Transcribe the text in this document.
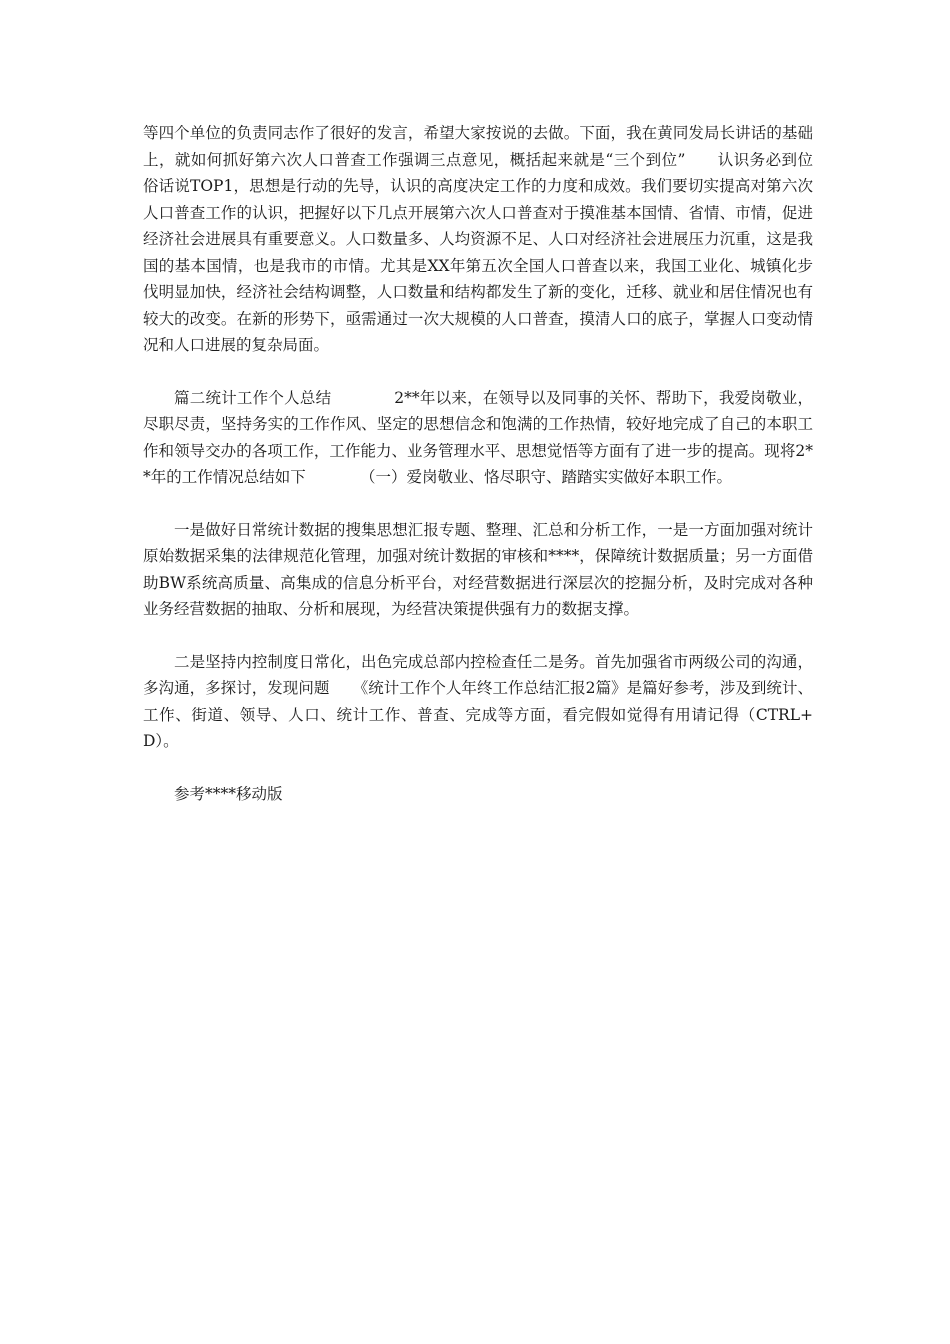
等四个单位的负责同志作了很好的发言，希望大家按说的去做。下面，我在黄同发局长讲话的基础上，就如何抓好第六次人口普查工作强调三点意见，概括起来就是“三个到位”　　认识务必到位　　　　俗话说TOP1，思想是行动的先导，认识的高度决定工作的力度和成效。我们要切实提高对第六次人口普查工作的认识，把握好以下几点开展第六次人口普查对于摸准基本国情、省情、市情，促进经济社会进展具有重要意义。人口数量多、人均资源不足、人口对经济社会进展压力沉重，这是我国的基本国情，也是我市的市情。尤其是XX年第五次全国人口普查以来，我国工业化、城镇化步伐明显加快，经济社会结构调整，人口数量和结构都发生了新的变化，迁移、就业和居住情况也有较大的改变。在新的形势下，亟需通过一次大规模的人口普查，摸清人口的底子，掌握人口变动情况和人口进展的复杂局面。

篇二统计工作个人总结　　　　2**年以来，在领导以及同事的关怀、帮助下，我爱岗敬业，尽职尽责，坚持务实的工作作风、坚定的思想信念和饱满的工作热情，较好地完成了自己的本职工作和领导交办的各项工作，工作能力、业务管理水平、思想觉悟等方面有了进一步的提高。现将2**年的工作情况总结如下　　　　（一）爱岗敬业、恪尽职守、踏踏实实做好本职工作。

一是做好日常统计数据的搜集思想汇报专题、整理、汇总和分析工作，一是一方面加强对统计原始数据采集的法律规范化管理，加强对统计数据的审核和****，保障统计数据质量；另一方面借助BW系统高质量、高集成的信息分析平台，对经营数据进行深层次的挖掘分析，及时完成对各种业务经营数据的抽取、分析和展现，为经营决策提供强有力的数据支撑。

二是坚持内控制度日常化，出色完成总部内控检查任二是务。首先加强省市两级公司的沟通，多沟通，多探讨，发现问题　　《统计工作个人年终工作总结汇报2篇》是篇好参考，涉及到统计、工作、街道、领导、人口、统计工作、普查、完成等方面，看完假如觉得有用请记得（CTRL+D）。

参考****移动版
